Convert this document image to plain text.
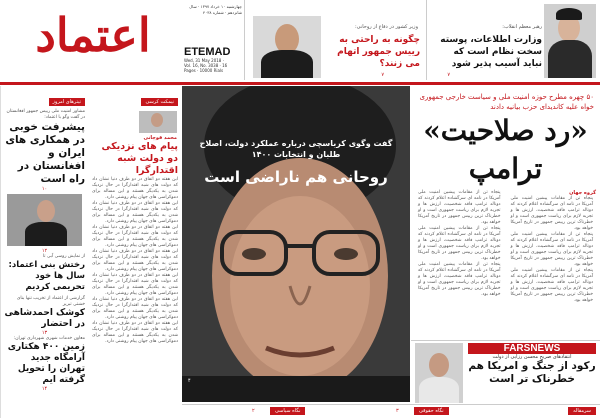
اعتماد	ETEMAD
Wed, 31 May 2018 · Vol. 16, No. 3038 · 16 Pages · 10000 Rials
چهارشنبه ۱۰ خرداد ۱۳۹۷ · سال شانزدهم · شماره ۴۰۳۸
وزیر کشور در دفاع از روحانی:
چگونه به راحتی به رییس جمهور اتهام می زنند؟
۷
رهبر معظم انقلاب:
وزارت اطلاعات، پوسته سخت نظام است که نباید آسیب پذیر شود
۷
تیترهای امروز
مشاور امنیت ملی رییس جمهور افغانستان در گفت وگو با اعتماد:
پیشرفت خوبی در همکاری های ایران و افغانستان در راه است
۱۰
۱۲
از نمایش روسی آبی تا
رختش بنی اعتماد: سال ها خود تحریمی کردیم
گزارشی از اعتماد از تخریب تنها بنای خشتی تبریز
کوشک احمدشاهی در احتضار
۱۳
معاون خدمات شهری شهرداری تهران:
زمین ۴۰۰ هکتاری آرامگاه جدید تهران را تحویل گرفته ایم
۱۴
نیمکت کرسی
محمد قوچانی
پیام های نزدیکی دو دولت شبه اقتدارگرا
این هفته دو اتفاق در دو طرف دنیا نشان داد که دولت های شبه اقتدارگرا در حال نزدیک شدن به یکدیگر هستند و این مساله برای دموکراسی های جهان پیام روشنی دارد.
این هفته دو اتفاق در دو طرف دنیا نشان داد که دولت های شبه اقتدارگرا در حال نزدیک شدن به یکدیگر هستند و این مساله برای دموکراسی های جهان پیام روشنی دارد.
این هفته دو اتفاق در دو طرف دنیا نشان داد که دولت های شبه اقتدارگرا در حال نزدیک شدن به یکدیگر هستند و این مساله برای دموکراسی های جهان پیام روشنی دارد.
این هفته دو اتفاق در دو طرف دنیا نشان داد که دولت های شبه اقتدارگرا در حال نزدیک شدن به یکدیگر هستند و این مساله برای دموکراسی های جهان پیام روشنی دارد.
این هفته دو اتفاق در دو طرف دنیا نشان داد که دولت های شبه اقتدارگرا در حال نزدیک شدن به یکدیگر هستند و این مساله برای دموکراسی های جهان پیام روشنی دارد.
این هفته دو اتفاق در دو طرف دنیا نشان داد که دولت های شبه اقتدارگرا در حال نزدیک شدن به یکدیگر هستند و این مساله برای دموکراسی های جهان پیام روشنی دارد.
این هفته دو اتفاق در دو طرف دنیا نشان داد که دولت های شبه اقتدارگرا در حال نزدیک شدن به یکدیگر هستند و این مساله برای دموکراسی های جهان پیام روشنی دارد.
گفت وگوی کرباسچی درباره عملکرد دولت، اصلاح طلبان و انتخابات ۱۴۰۰
روحانی هم ناراضی است
۴
۵۰ چهره مطرح حوزه امنیت ملی و سیاست خارجی جمهوری خواه علیه کاندیدای حزب بیانیه دادند
«رد صلاحیت»
ترامپ
گروه جهان
پنجاه تن از مقامات پیشین امنیت ملی آمریکا در نامه ای سرگشاده اعلام کردند که دونالد ترامپ فاقد شخصیت، ارزش ها و تجربه لازم برای ریاست جمهوری است و او خطرناک ترین رییس جمهور در تاریخ آمریکا خواهد بود.
پنجاه تن از مقامات پیشین امنیت ملی آمریکا در نامه ای سرگشاده اعلام کردند که دونالد ترامپ فاقد شخصیت، ارزش ها و تجربه لازم برای ریاست جمهوری است و او خطرناک ترین رییس جمهور در تاریخ آمریکا خواهد بود.
پنجاه تن از مقامات پیشین امنیت ملی آمریکا در نامه ای سرگشاده اعلام کردند که دونالد ترامپ فاقد شخصیت، ارزش ها و تجربه لازم برای ریاست جمهوری است و او خطرناک ترین رییس جمهور در تاریخ آمریکا خواهد بود.
پنجاه تن از مقامات پیشین امنیت ملی آمریکا در نامه ای سرگشاده اعلام کردند که دونالد ترامپ فاقد شخصیت، ارزش ها و تجربه لازم برای ریاست جمهوری است و او خطرناک ترین رییس جمهور در تاریخ آمریکا خواهد بود.
پنجاه تن از مقامات پیشین امنیت ملی آمریکا در نامه ای سرگشاده اعلام کردند که دونالد ترامپ فاقد شخصیت، ارزش ها و تجربه لازم برای ریاست جمهوری است و او خطرناک ترین رییس جمهور در تاریخ آمریکا خواهد بود.
پنجاه تن از مقامات پیشین امنیت ملی آمریکا در نامه ای سرگشاده اعلام کردند که دونالد ترامپ فاقد شخصیت، ارزش ها و تجربه لازم برای ریاست جمهوری است و او خطرناک ترین رییس جمهور در تاریخ آمریکا خواهد بود.
FARSNEWS
انتقادهای صریح محسن رزایی از دولت
رکود از جنگ و امریکا هم خطرناک تر است
نگاه سیاسی
۲	نگاه حقوقی
۳	سرمقاله
